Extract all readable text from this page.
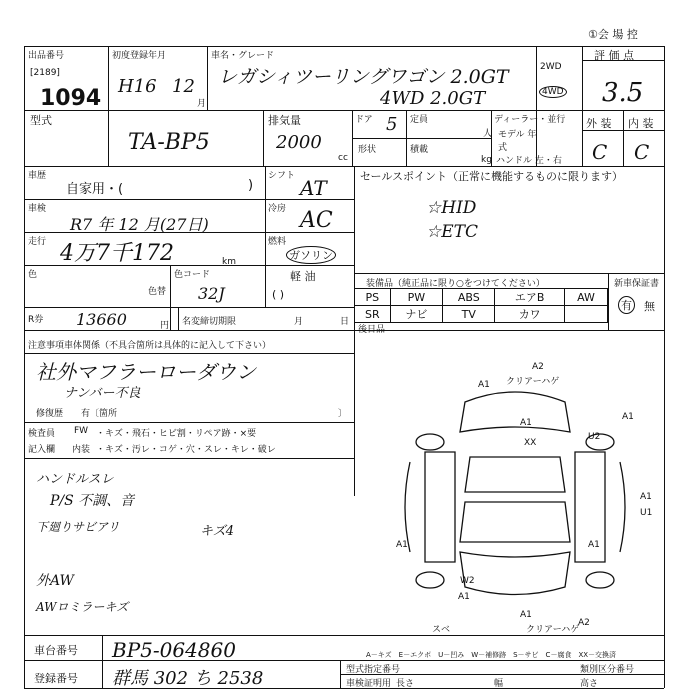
①会 場 控
出品番号
[2189]
1094
初度登録年月
H16 12
月
車名・グレード
レガシィツーリングワゴン 2.0GT
4WD 2.0GT
2WD
4WD
評 価 点
3.5
外 装 内 装
C C
型式
TA-BP5
排気量
2000
cc
ドア 5
形状
定員
人
積載
kg
ディーラー・並行
モデル 年式
ハンドル 左・右
車歴
自家用・(	)
シフト AT	セールスポイント（正常に機能するものに限ります）
☆HID
☆ETC
車検
R7 年 12 月(27日)
冷房 AC
走行 4万7千172	km
燃料
ガソリン
軽 油
( )
色
色替
色コード
32J	装備品（純正品に限り○をつけてください）
PS	PW	ABS	エアB	AW
SR	ナビ	TV	カワ	
新車保証書
有 無
R券 13660	円 名変締切期限	月	日
後日品
注意事項車体関係（不具合箇所は具体的に記入して下さい）
社外マフラーローダウン
ナンバー不良
修復歴　　有〔箇所	〕
検査員
記入欄
FW ・キズ・飛石・ヒビ割・リペア跡・×要
内装 ・キズ・汚レ・コゲ・穴・スレ・キレ・破レ
ハンドルスレ
P/S 不調、音
下廻りサビアリ	キズ4
外AW
AWロミラーキズ
A2
クリアーハゲ
A1
A1
XX
U2
A1
A1
U1
A1
W2
A1
A1
スベ
A1
クリアーハゲ
A2
A－キズ　E－エクボ　U－凹み　W－補修跡　S－サビ　C－腐食　XX－交換済
車台番号 BP5-064860
登録番号 群馬 302 ち 2538	型式指定番号	類別区分番号
車検証明用 長さ	幅	高さ
